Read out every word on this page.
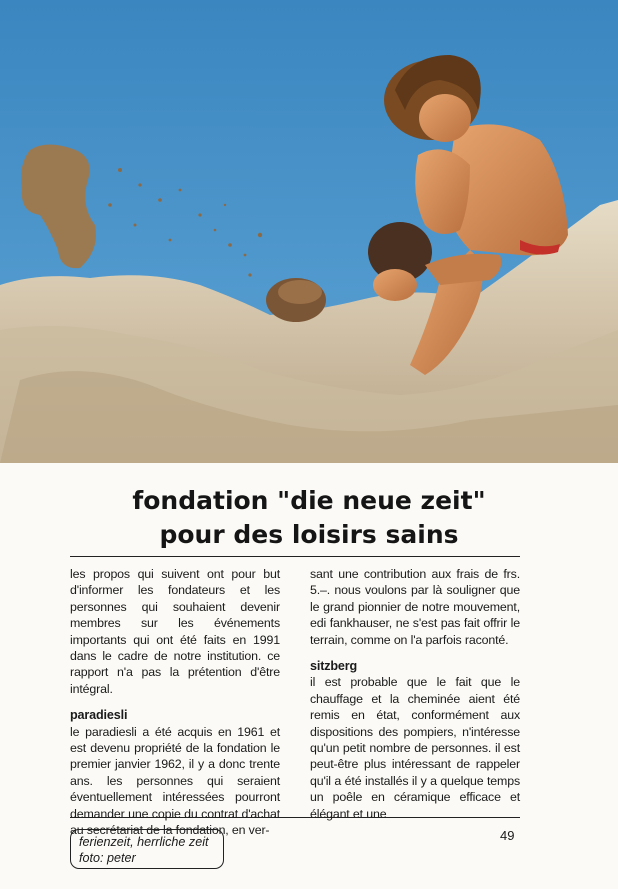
fondation "die neue zeit"
pour des loisirs sains

les propos qui suivent ont pour but d'informer les fondateurs et les personnes qui souhaient devenir membres sur les événements importants qui ont été faits en 1991 dans le cadre de notre institution. ce rapport n'a pas la prétention d'être intégral.

paradiesli

le paradiesli a été acquis en 1961 et est devenu propriété de la fondation le premier janvier 1962, il y a donc trente ans. les personnes qui seraient éventuellement intéressées pourront demander une copie du contrat d'achat au secrétariat de la fondation, en ver-

sant une contribution aux frais de frs. 5.–. nous voulons par là souligner que le grand pionnier de notre mouvement, edi fankhauser, ne s'est pas fait offrir le terrain, comme on l'a parfois raconté.

sitzberg

il est probable que le fait que le chauffage et la cheminée aient été remis en état, conformément aux dispositions des pompiers, n'intéresse qu'un petit nombre de personnes. il est peut-être plus intéressant de rappeler qu'il a été installés il y a quelque temps un poêle en céramique efficace et élégant et une

ferienzeit, herrliche zeit
foto: peter
49
